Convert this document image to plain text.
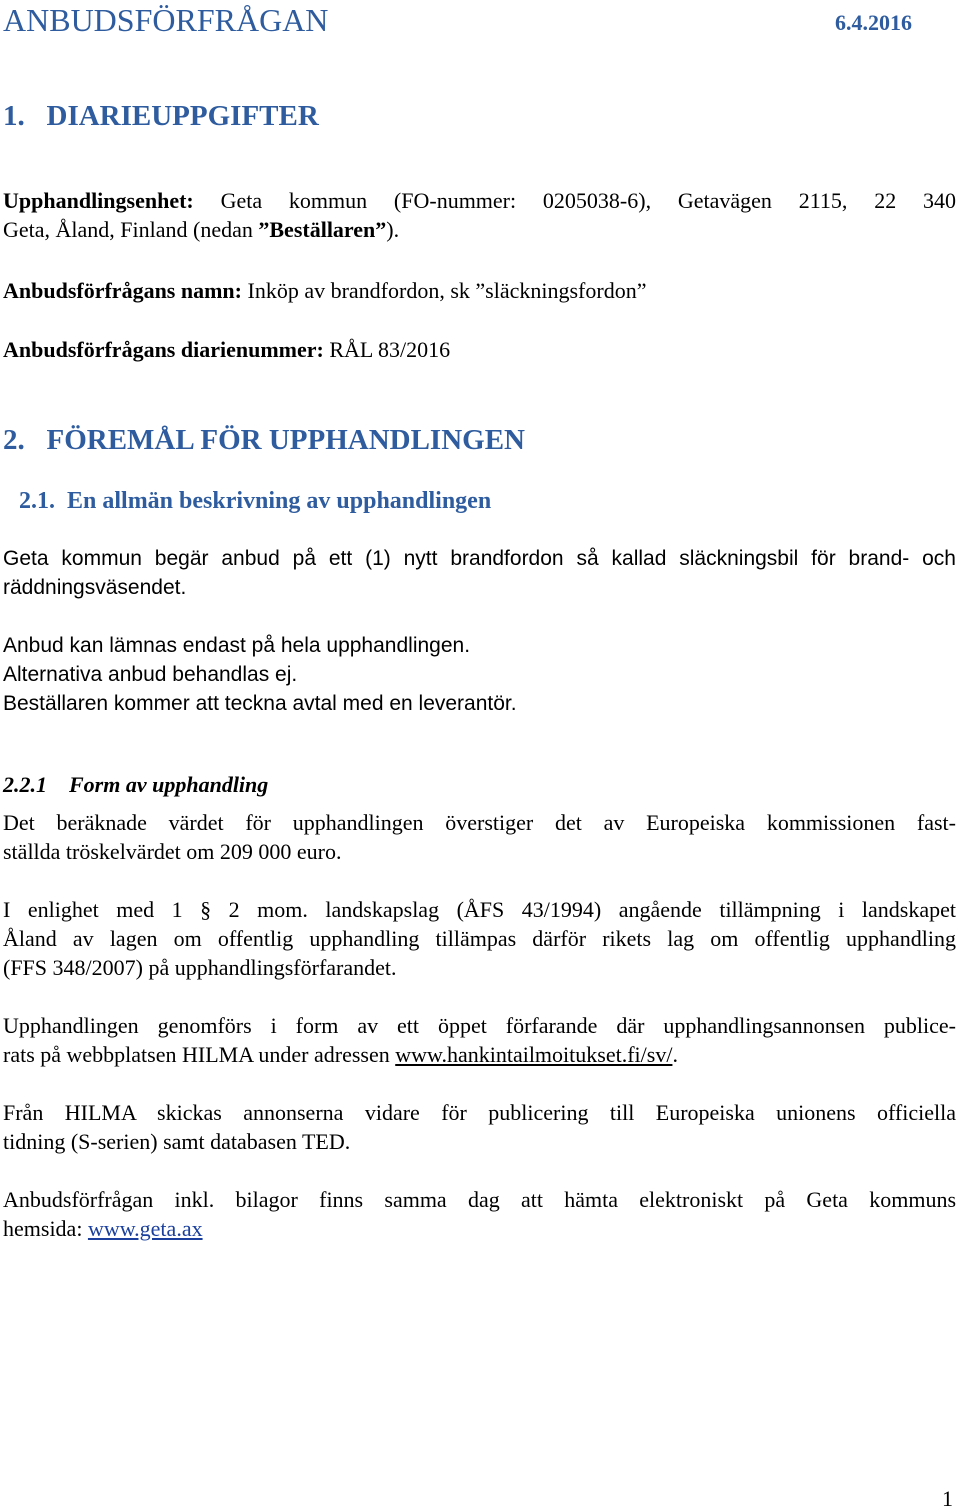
ANBUDSFÖRFRÅGAN	6.4.2016
1. DIARIEUPPGIFTER
Upphandlingsenhet: Geta kommun (FO-nummer: 0205038-6), Getavägen 2115, 22 340
Geta, Åland, Finland (nedan ”Beställaren”).
Anbudsförfrågans namn: Inköp av brandfordon, sk ”släckningsfordon”
Anbudsförfrågans diarienummer: RÅL 83/2016
2. FÖREMÅL FÖR UPPHANDLINGEN
2.1. En allmän beskrivning av upphandlingen
Geta kommun begär anbud på ett (1) nytt brandfordon så kallad släckningsbil för brand- och
räddningsväsendet.
Anbud kan lämnas endast på hela upphandlingen.
Alternativa anbud behandlas ej.
Beställaren kommer att teckna avtal med en leverantör.
2.2.1 Form av upphandling
Det beräknade värdet för upphandlingen överstiger det av Europeiska kommissionen fast-
ställda tröskelvärdet om 209 000 euro.
I enlighet med 1 § 2 mom. landskapslag (ÅFS 43/1994) angående tillämpning i landskapet
Åland av lagen om offentlig upphandling tillämpas därför rikets lag om offentlig upphandling
(FFS 348/2007) på upphandlingsförfarandet.
Upphandlingen genomförs i form av ett öppet förfarande där upphandlingsannonsen publice-
rats på webbplatsen HILMA under adressen www.hankintailmoitukset.fi/sv/.
Från HILMA skickas annonserna vidare för publicering till Europeiska unionens officiella
tidning (S-serien) samt databasen TED.
Anbudsförfrågan inkl. bilagor finns samma dag att hämta elektroniskt på Geta kommuns
hemsida: www.geta.ax
1
